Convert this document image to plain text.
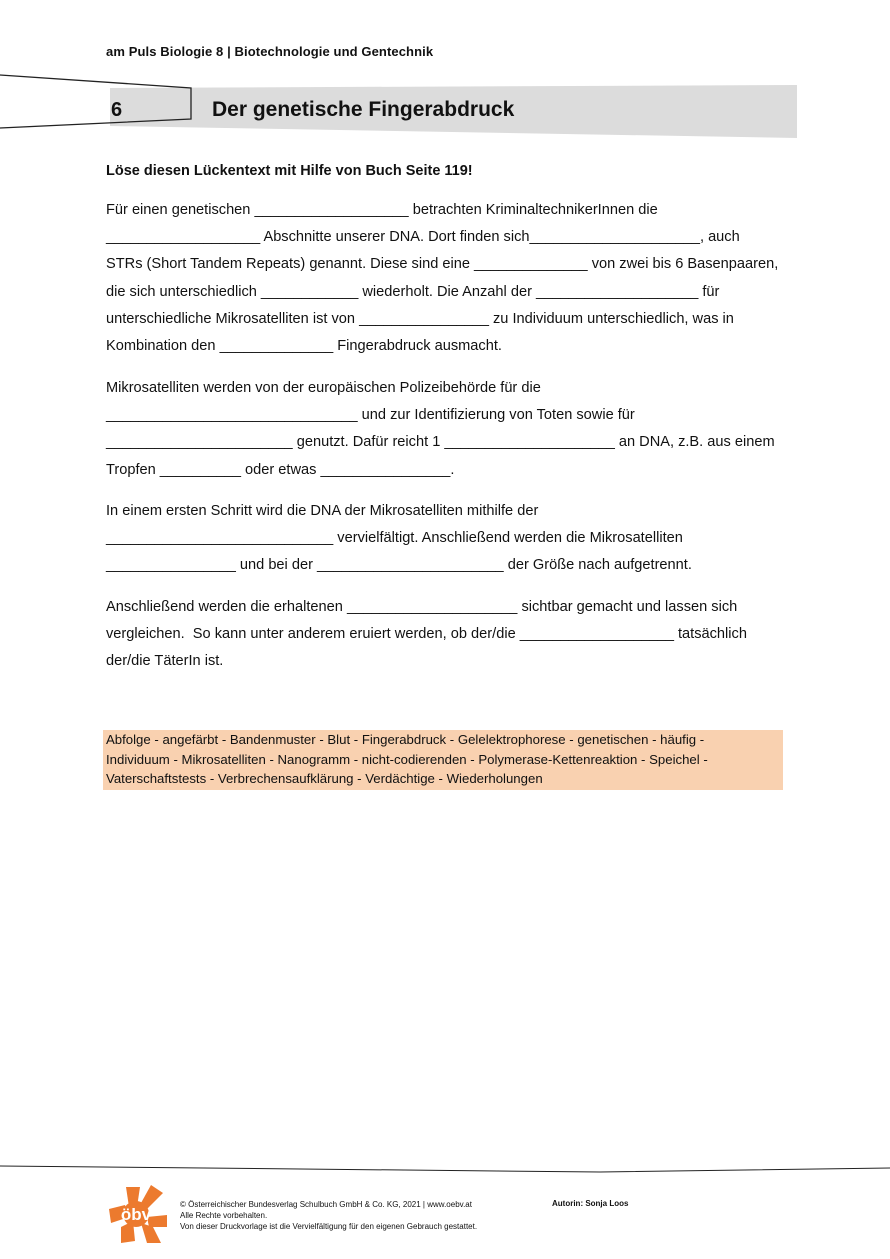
am Puls Biologie 8 | Biotechnologie und Gentechnik
6	Der genetische Fingerabdruck
Löse diesen Lückentext mit Hilfe von Buch Seite 119!
Für einen genetischen ___________________ betrachten KriminaltechnikerInnen die
___________________ Abschnitte unserer DNA. Dort finden sich_____________________, auch
STRs (Short Tandem Repeats) genannt. Diese sind eine ______________ von zwei bis 6 Basenpaaren,
die sich unterschiedlich ____________ wiederholt. Die Anzahl der ____________________ für
unterschiedliche Mikrosatelliten ist von ________________ zu Individuum unterschiedlich, was in
Kombination den ______________ Fingerabdruck ausmacht.
Mikrosatelliten werden von der europäischen Polizeibehörde für die
_______________________________ und zur Identifizierung von Toten sowie für
_______________________ genutzt. Dafür reicht 1 _____________________ an DNA, z.B. aus einem
Tropfen __________ oder etwas ________________.
In einem ersten Schritt wird die DNA der Mikrosatelliten mithilfe der
____________________________ vervielfältigt. Anschließend werden die Mikrosatelliten
________________ und bei der _______________________ der Größe nach aufgetrennt.
Anschließend werden die erhaltenen _____________________ sichtbar gemacht und lassen sich
vergleichen.  So kann unter anderem eruiert werden, ob der/die ___________________ tatsächlich
der/die TäterIn ist.
Abfolge - angefärbt - Bandenmuster - Blut - Fingerabdruck - Gelelektrophorese - genetischen - häufig -
Individuum - Mikrosatelliten - Nanogramm - nicht-codierenden - Polymerase-Kettenreaktion - Speichel -
Vaterschaftstests - Verbrechensaufklärung - Verdächtige - Wiederholungen
öbv
© Österreichischer Bundesverlag Schulbuch GmbH & Co. KG, 2021 | www.oebv.at
Alle Rechte vorbehalten.
Von dieser Druckvorlage ist die Vervielfältigung für den eigenen Gebrauch gestattet.
Autorin: Sonja Loos
